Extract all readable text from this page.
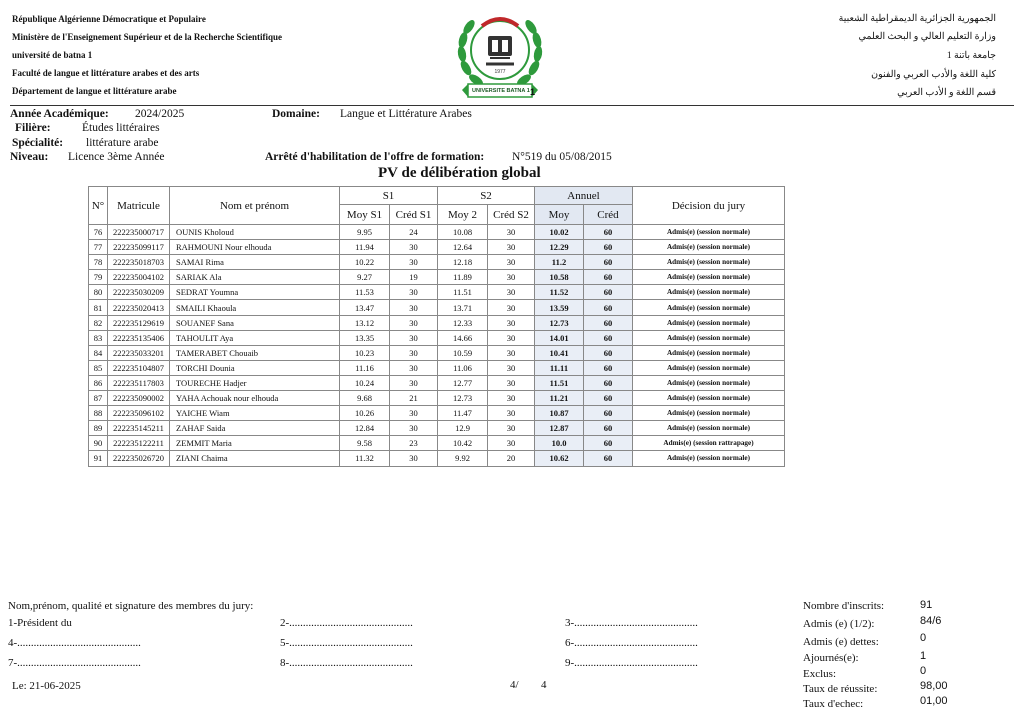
République Algérienne Démocratique et Populaire
Ministère de l'Enseignement Supérieur et de la Recherche Scientifique
université de batna 1
Faculté de langue et littérature arabes et des arts
Département de langue et littérature arabe
الجمهورية الجزائرية الديمقراطية الشعبية
وزارة التعليم العالي و البحث العلمي
جامعة باتنة 1
كلية اللغة والأدب العربي والفنون
قسم اللغة و الأدب العربي
UNIVERSITE BATNA 1
1977
1
Année Académique: 2024/2025	Domaine: Langue et Littérature Arabes
Filière:	Études littéraires
Spécialité: littérature arabe
Niveau: Licence 3ème Année	Arrêté d'habilitation de l'offre de formation: N°519 du 05/08/2015
PV de délibération global
N°	Matricule	Nom et prénom	S1		S2		Annuel		Décision du jury
			Moy S1	Créd S1	Moy 2	Créd S2	Moy	Créd	
76	222235000717	OUNIS Kholoud	9.95	24	10.08	30	10.02	60	Admis(e) (session normale)
77	222235099117	RAHMOUNI Nour elhouda	11.94	30	12.64	30	12.29	60	Admis(e) (session normale)
78	222235018703	SAMAI Rima	10.22	30	12.18	30	11.2	60	Admis(e) (session normale)
79	222235004102	SARIAK Ala	9.27	19	11.89	30	10.58	60	Admis(e) (session normale)
80	222235030209	SEDRAT Youmna	11.53	30	11.51	30	11.52	60	Admis(e) (session normale)
81	222235020413	SMAILI Khaoula	13.47	30	13.71	30	13.59	60	Admis(e) (session normale)
82	222235129619	SOUANEF Sana	13.12	30	12.33	30	12.73	60	Admis(e) (session normale)
83	222235135406	TAHOULIT Aya	13.35	30	14.66	30	14.01	60	Admis(e) (session normale)
84	222235033201	TAMERABET Chouaib	10.23	30	10.59	30	10.41	60	Admis(e) (session normale)
85	222235104807	TORCHI Dounia	11.16	30	11.06	30	11.11	60	Admis(e) (session normale)
86	222235117803	TOURECHE Hadjer	10.24	30	12.77	30	11.51	60	Admis(e) (session normale)
87	222235090002	YAHA Achouak nour elhouda	9.68	21	12.73	30	11.21	60	Admis(e) (session normale)
88	222235096102	YAICHE Wiam	10.26	30	11.47	30	10.87	60	Admis(e) (session normale)
89	222235145211	ZAHAF Saida	12.84	30	12.9	30	12.87	60	Admis(e) (session normale)
90	222235122211	ZEMMIT Maria	9.58	23	10.42	30	10.0	60	Admis(e) (session rattrapage)
91	222235026720	ZIANI Chaima	11.32	30	9.92	20	10.62	60	Admis(e) (session normale)
Nom,prénom, qualité et signature des membres du jury:
1-Président du	2-.............................................	3-.............................................
4-.............................................	5-.............................................	6-.............................................
7-.............................................	8-.............................................	9-.............................................
Le: 21-06-2025	4/ 4
Nombre d'inscrits:	91
Admis (e) (1/2):	84/6
Admis (e) dettes:	0
Ajournés(e):	1
Exclus:	0
Taux de réussite:	98,00
Taux d'echec:	01,00
